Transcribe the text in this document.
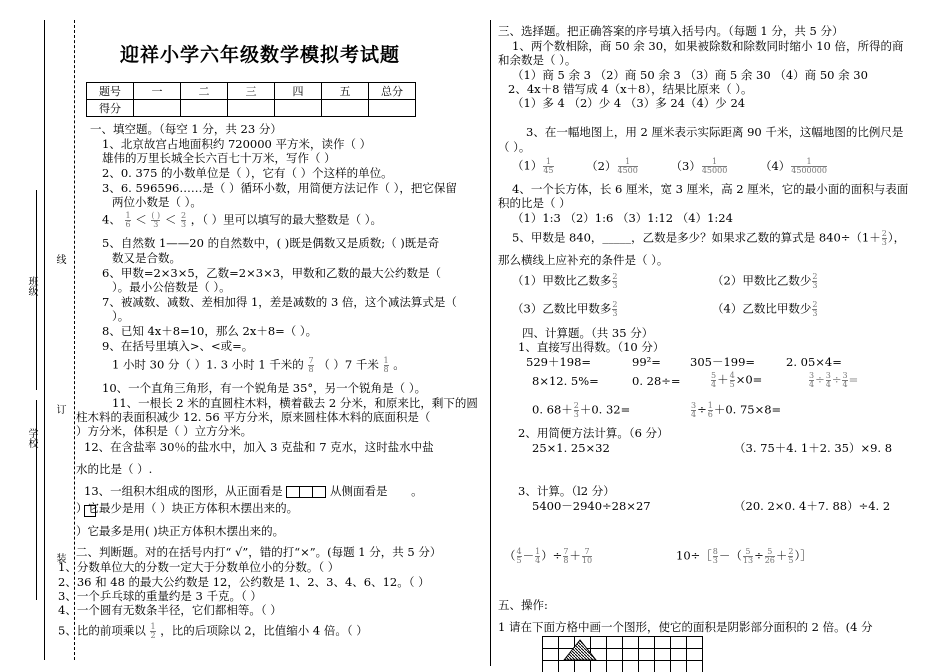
班级
线
学校
订
装
迎祥小学六年级数学模拟考试题
题号	一	二	三	四	五	总分
得分						
一、填空题。（每空 1 分，共 23 分）
1、北京故宫占地面积约 720000 平方米，读作（ ）
雄伟的万里长城全长六百七十万米，写作（ ）
2、0. 375 的小数单位是（ ），它有（ ）个这样的单位。
3、6. 596596……是（ ）循环小数，用简便方法记作（ ），把它保留
两位小数是（ ）。
4、 $\frac{1}{6} < \frac{( )}{3} < \frac{2}{3}$ ，（ ）里可以填写的最大整数是（ ）。
5、自然数 1——20 的自然数中，( )既是偶数又是质数;（ )既是奇
数又是合数。
6、甲数=2×3×5，乙数=2×3×3，甲数和乙数的最大公约数是（
）。最小公倍数是（ ）。
7、被减数、减数、差相加得 1，差是减数的 3 倍，这个减法算式是（
）。
8、已知 4x＋8=10，那么 2x＋8=（ ）。
9、在括号里填入>、<或=。
1 小时 30 分（ ）1. 3 小时 1 千米的 $\frac{7}{8}$ （ ）7 千米 $\frac{1}{8}$ 。
10、一个直角三角形，有一个锐角是 35°，另一个锐角是（ ）。
11、一根长 2 米的直圆柱木料，横着截去 2 分米，和原来比，剩下的圆
柱木料的表面积减少 12. 56 平方分米，原来圆柱体木料的底面积是（
）方分米，体积是（ ）立方分米。
12、在含盐率 30％的盐水中，加入 3 克盐和 7 克水，这时盐水中盐
水的比是（ ）.
13、一组积木组成的图形，从正面看是	从侧面看是 。
）它最少是用（ ）块正方体积木摆出来的。
）它最多是用( )块正方体积木摆出来的。
二、判断题。对的在括号内打“ √”，错的打“×”。(每题 1 分，共 5 分）
1、分数单位大的分数一定大于分数单位小的分数。（ ）
2、36 和 48 的最大公约数是 12，公约数是 1、2、3、4、6、12。（ ）
3、一个乒乓球的重量约是 3 千克。（ ）
4、一个圆有无数条半径，它们都相等。（ ）
5、比的前项乘以 $\frac{1}{2}$ ，比的后项除以 2，比值缩小 4 倍。（ ）
三、选择题。把正确答案的序号填入括号内。（每题 1 分，共 5 分）
1、两个数相除，商 50 余 30，如果被除数和除数同时缩小 10 倍，所得的商
和余数是（ ）。
（1）商 5 余 3 （2）商 50 余 3 （3）商 5 余 30 （4）商 50 余 30
2、4x＋8 错写成 4（x＋8），结果比原来（ ）。
（1）多 4 （2）少 4 （3）多 24（4）少 24
3、在一幅地图上，用 2 厘米表示实际距离 90 千米，这幅地图的比例尺是
（ ）。
$(1) \frac{1}{45}$	$(2) \frac{1}{4500}$	$(3) \frac{1}{45000}$	$(4) \frac{1}{4500000}$
4、一个长方体，长 6 厘米，宽 3 厘米，高 2 厘米，它的最小面的面积与表面
积的比是（ ）
（1）1:3 （2）1:6 （3）1:12 （4）1:24
5、甲数是 840，_____，乙数是多少？如果求乙数的算式是 $840\div(1+ \frac{2}{3}$ ），
那么横线上应补充的条件是（ ）。
（1）甲数比乙数多 $\frac{2}{3}$	（2）甲数比乙数少 $\frac{2}{3}$
（3）乙数比甲数多 $\frac{2}{3}$	（4）乙数比甲数少 $\frac{2}{3}$
四、计算题。（共 35 分）
1、直接写出得数。（10 分）
529＋198=	99²=	305－199=	2. 05×4=
8×12. 5%=	0. 28÷=	$\frac{5}{4} + \frac{4}{5} \times 0=$	$\frac{3}{4} \div \frac{3}{4} \div \frac{3}{4}$ =
0. $68+ \frac{2}{3} +0$. 32=	$\frac{3}{4} \div \frac{1}{6} +0$. 75×8=
2、用简便方法计算。（6 分）
25×1. 25×32	（3. 75＋4. 1＋2. 35）×9. 8
3、计算。（l2 分）
5400－2940÷28×27	（20. 2×0. 4＋7. 88）÷4. 2
（ $\frac{4}{5} - \frac{1}{4}$ ）÷ $\frac{7}{8} + \frac{7}{10}$	10÷［ $\frac{8}{3}$ －（ $\frac{5}{13} \div \frac{5}{26} + \frac{2}{5}$ ）］
五、操作:
1 请在下面方格中画一个图形，使它的面积是阴影部分面积的 2 倍。(4 分
